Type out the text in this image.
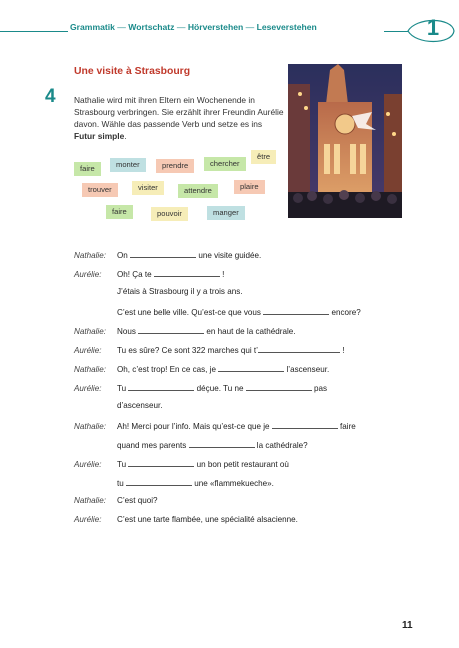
Grammatik — Wortschatz — Hörverstehen — Leseverstehen	1
4
Une visite à Strasbourg
Nathalie wird mit ihren Eltern ein Wochenende in Strasbourg verbringen. Sie erzählt ihrer Freundin Aurélie davon. Wähle das passende Verb und setze es ins Futur simple.
faire	monter	prendre	chercher
être
trouver	visiter	attendre	plaire
faire	pouvoir	manger
Nathalie: On	une visite guidée.
Aurélie: Oh! Ça te	!
J’étais à Strasbourg il y a trois ans.
C’est une belle ville. Qu’est-ce que vous	encore?
Nathalie: Nous	en haut de la cathédrale.
Aurélie: Tu es sûre? Ce sont 322 marches qui t’	!
Nathalie: Oh, c’est trop! En ce cas, je	l’ascenseur.
Aurélie: Tu	déçue. Tu ne	pas
d’ascenseur.
Nathalie: Ah! Merci pour l’info. Mais qu’est-ce que je	faire
quand mes parents	la cathédrale?
Aurélie: Tu	un bon petit restaurant où
tu	une «flammekueche».
Nathalie: C’est quoi?
Aurélie: C’est une tarte flambée, une spécialité alsacienne.
11
